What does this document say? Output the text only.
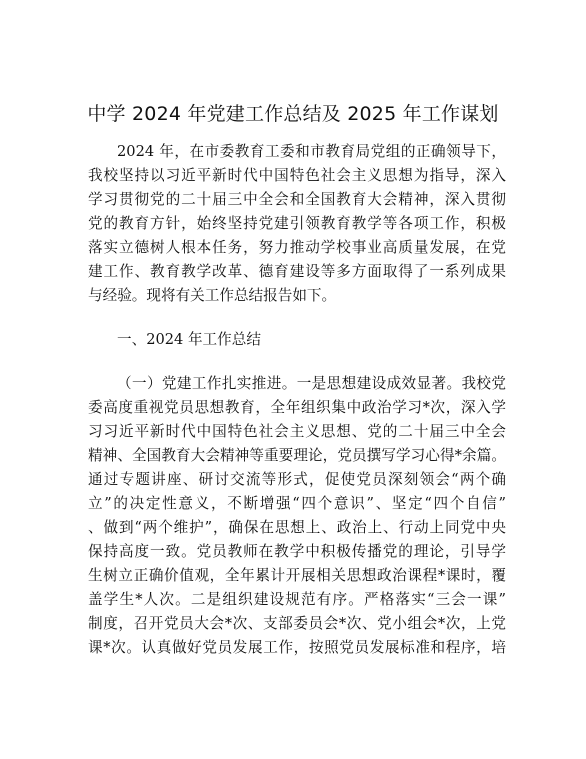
中学 2024 年党建工作总结及 2025 年工作谋划
2024 年，在市委教育工委和市教育局党组的正确领导下，
我校坚持以习近平新时代中国特色社会主义思想为指导，深入
学习贯彻党的二十届三中全会和全国教育大会精神，深入贯彻
党的教育方针，始终坚持党建引领教育教学等各项工作，积极
落实立德树人根本任务，努力推动学校事业高质量发展，在党
建工作、教育教学改革、德育建设等多方面取得了一系列成果
与经验。现将有关工作总结报告如下。
一、2024 年工作总结
（一）党建工作扎实推进。一是思想建设成效显著。我校党
委高度重视党员思想教育，全年组织集中政治学习*次，深入学
习习近平新时代中国特色社会主义思想、党的二十届三中全会
精神、全国教育大会精神等重要理论，党员撰写学习心得*余篇。
通过专题讲座、研讨交流等形式，促使党员深刻领会“两个确
立”的决定性意义，不断增强“四个意识”、坚定“四个自信”
、做到“两个维护”，确保在思想上、政治上、行动上同党中央
保持高度一致。党员教师在教学中积极传播党的理论，引导学
生树立正确价值观，全年累计开展相关思想政治课程*课时，覆
盖学生*人次。二是组织建设规范有序。严格落实“三会一课”
制度，召开党员大会*次、支部委员会*次、党小组会*次，上党
课*次。认真做好党员发展工作，按照党员发展标准和程序，培
